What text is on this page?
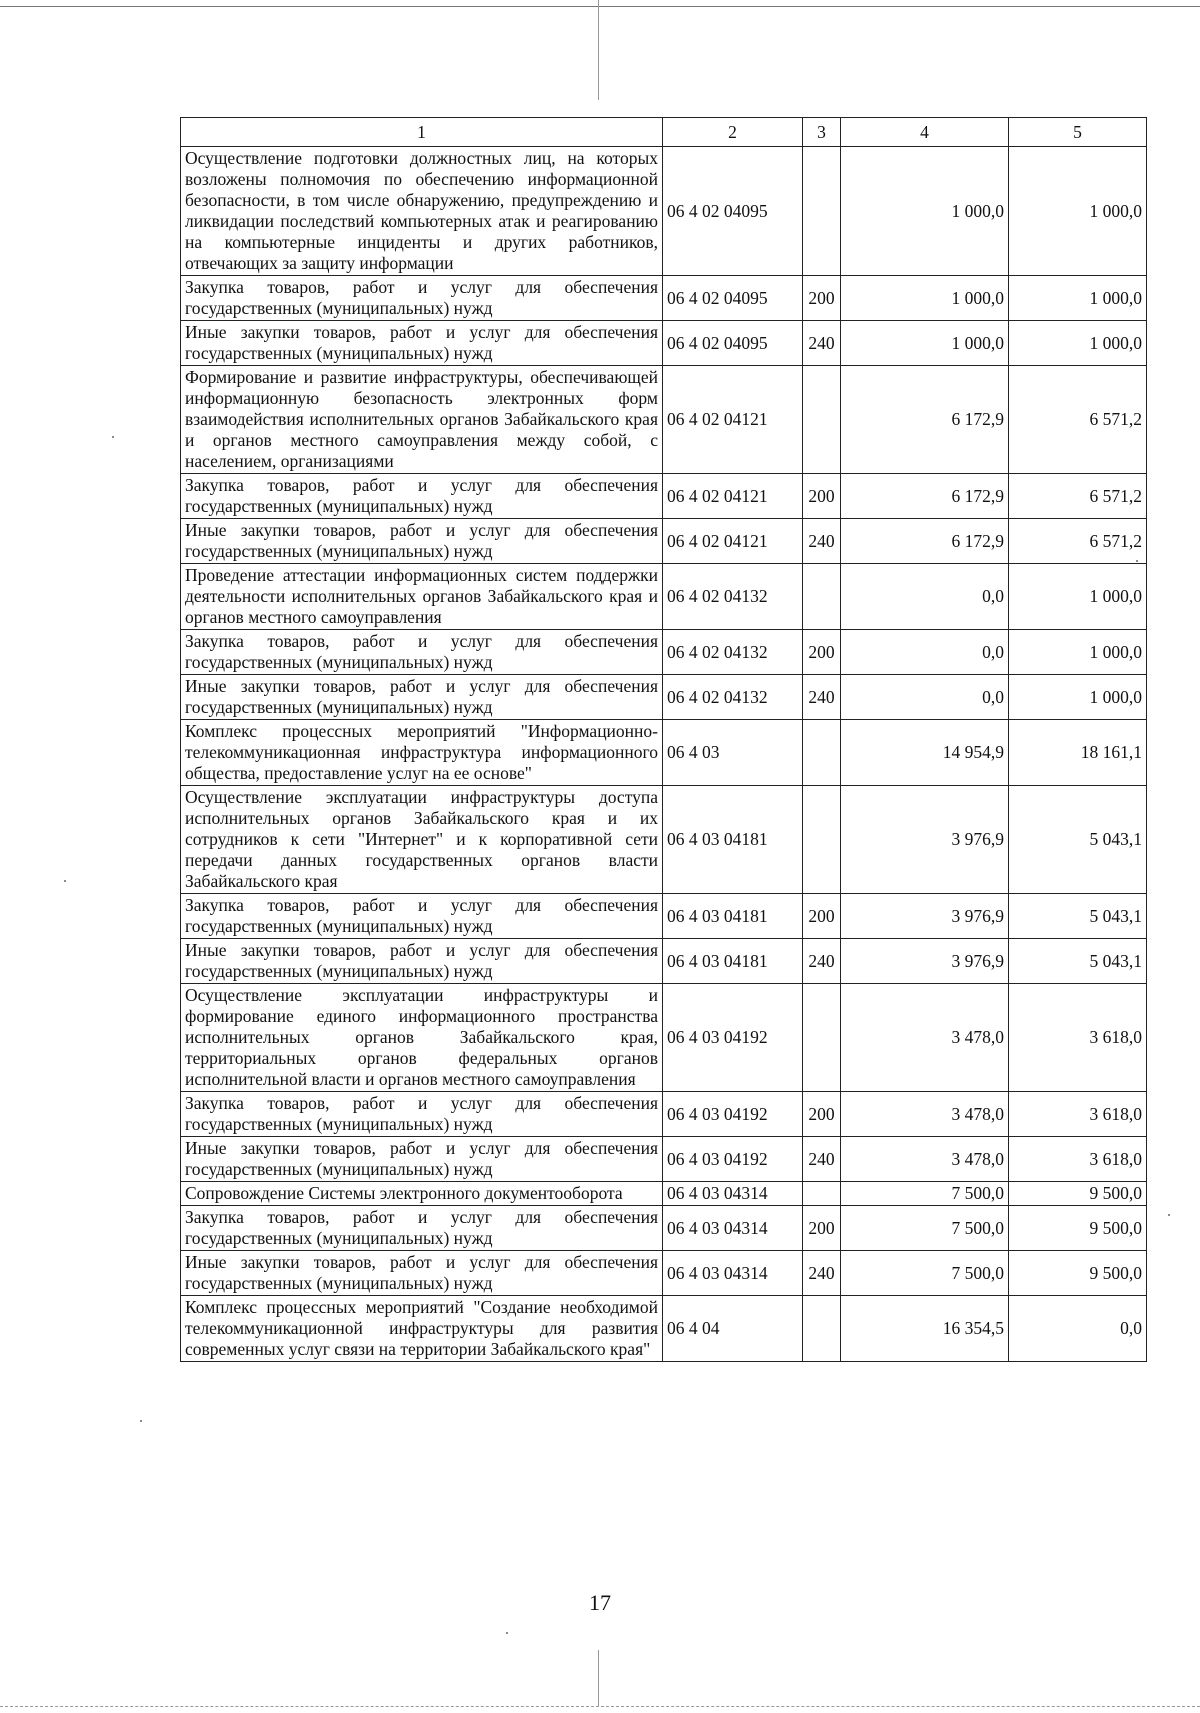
1	2	3	4	5
Осуществление подготовки должностных лиц, на которых возложены полномочия по обеспечению информационной безопасности, в том числе обнаружению, предупреждению и ликвидации последствий компьютерных атак и реагированию на компьютерные инциденты и других работников, отвечающих за защиту информации	06 4 02 04095		1 000,0	1 000,0
Закупка товаров, работ и услуг для обеспечения государственных (муниципальных) нужд	06 4 02 04095	200	1 000,0	1 000,0
Иные закупки товаров, работ и услуг для обеспечения государственных (муниципальных) нужд	06 4 02 04095	240	1 000,0	1 000,0
Формирование и развитие инфраструктуры, обеспечивающей информационную безопасность электронных форм взаимодействия исполнительных органов Забайкальского края и органов местного самоуправления между собой, с населением, организациями	06 4 02 04121		6 172,9	6 571,2
Закупка товаров, работ и услуг для обеспечения государственных (муниципальных) нужд	06 4 02 04121	200	6 172,9	6 571,2
Иные закупки товаров, работ и услуг для обеспечения государственных (муниципальных) нужд	06 4 02 04121	240	6 172,9	6 571,2
Проведение аттестации информационных систем поддержки деятельности исполнительных органов Забайкальского края и органов местного самоуправления	06 4 02 04132		0,0	1 000,0
Закупка товаров, работ и услуг для обеспечения государственных (муниципальных) нужд	06 4 02 04132	200	0,0	1 000,0
Иные закупки товаров, работ и услуг для обеспечения государственных (муниципальных) нужд	06 4 02 04132	240	0,0	1 000,0
Комплекс процессных мероприятий "Информационно-телекоммуникационная инфраструктура информационного общества, предоставление услуг на ее основе"	06 4 03		14 954,9	18 161,1
Осуществление эксплуатации инфраструктуры доступа исполнительных органов Забайкальского края и их сотрудников к сети "Интернет" и к корпоративной сети передачи данных государственных органов власти Забайкальского края	06 4 03 04181		3 976,9	5 043,1
Закупка товаров, работ и услуг для обеспечения государственных (муниципальных) нужд	06 4 03 04181	200	3 976,9	5 043,1
Иные закупки товаров, работ и услуг для обеспечения государственных (муниципальных) нужд	06 4 03 04181	240	3 976,9	5 043,1
Осуществление эксплуатации инфраструктуры и формирование единого информационного пространства исполнительных органов Забайкальского края, территориальных органов федеральных органов исполнительной власти и органов местного самоуправления	06 4 03 04192		3 478,0	3 618,0
Закупка товаров, работ и услуг для обеспечения государственных (муниципальных) нужд	06 4 03 04192	200	3 478,0	3 618,0
Иные закупки товаров, работ и услуг для обеспечения государственных (муниципальных) нужд	06 4 03 04192	240	3 478,0	3 618,0
Сопровождение Системы электронного документооборота	06 4 03 04314		7 500,0	9 500,0
Закупка товаров, работ и услуг для обеспечения государственных (муниципальных) нужд	06 4 03 04314	200	7 500,0	9 500,0
Иные закупки товаров, работ и услуг для обеспечения государственных (муниципальных) нужд	06 4 03 04314	240	7 500,0	9 500,0
Комплекс процессных мероприятий "Создание необходимой телекоммуникационной инфраструктуры для развития современных услуг связи на территории Забайкальского края"	06 4 04		16 354,5	0,0
17
